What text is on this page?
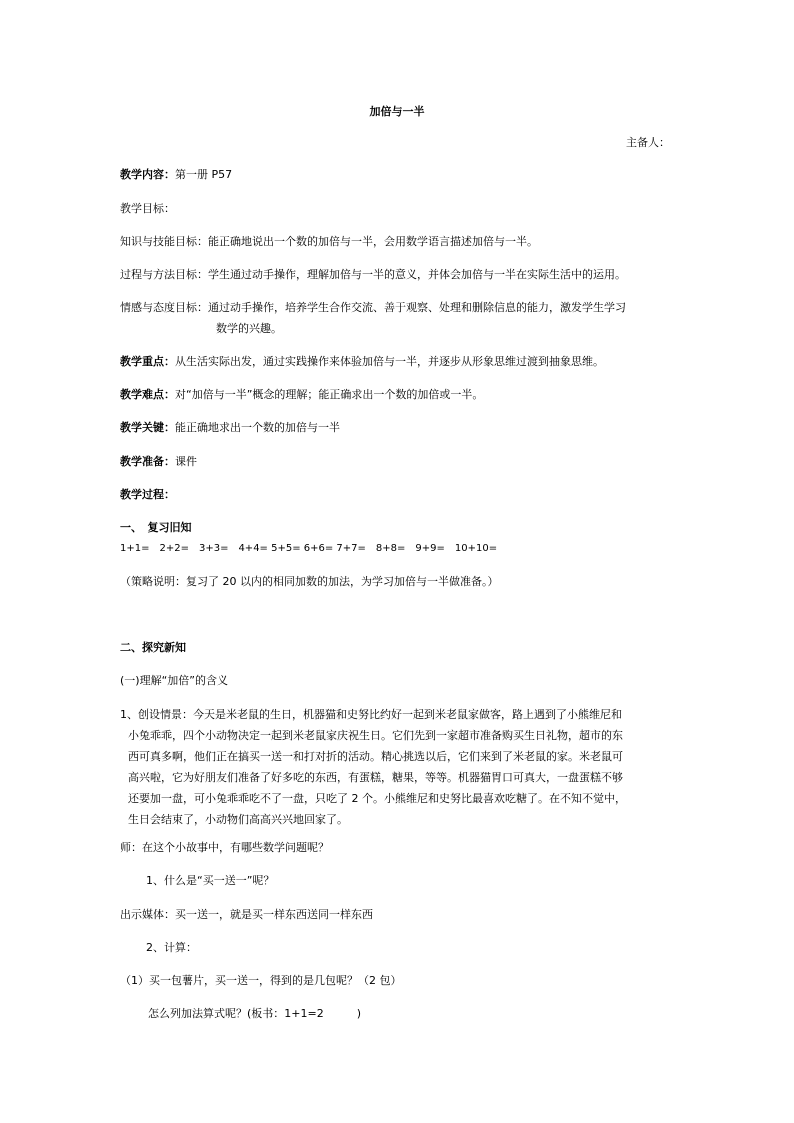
加倍与一半
主备人：
教学内容：第一册 P57
教学目标：
知识与技能目标：能正确地说出一个数的加倍与一半，会用数学语言描述加倍与一半。
过程与方法目标：学生通过动手操作，理解加倍与一半的意义，并体会加倍与一半在实际生活中的运用。
情感与态度目标：通过动手操作，培养学生合作交流、善于观察、处理和删除信息的能力，激发学生学习
数学的兴趣。
教学重点：从生活实际出发，通过实践操作来体验加倍与一半，并逐步从形象思维过渡到抽象思维。
教学难点：对“加倍与一半”概念的理解；能正确求出一个数的加倍或一半。
教学关键：能正确地求出一个数的加倍与一半
教学准备：课件
教学过程：
一、　复习旧知
1+1=　2+2=　3+3=　4+4= 5+5= 6+6= 7+7=　8+8=　9+9=　10+10=
（策略说明：复习了 20 以内的相同加数的加法，为学习加倍与一半做准备。）
二、探究新知
(一)理解“加倍”的含义
1、创设情景：今天是米老鼠的生日，机器猫和史努比约好一起到米老鼠家做客，路上遇到了小熊维尼和
小兔乖乖，四个小动物决定一起到米老鼠家庆祝生日。它们先到一家超市准备购买生日礼物，超市的东
西可真多啊，他们正在搞买一送一和打对折的活动。精心挑选以后，它们来到了米老鼠的家。米老鼠可
高兴啦，它为好朋友们准备了好多吃的东西，有蛋糕，糖果，等等。机器猫胃口可真大，一盘蛋糕不够
还要加一盘，可小兔乖乖吃不了一盘，只吃了 2 个。小熊维尼和史努比最喜欢吃糖了。在不知不觉中，
生日会结束了，小动物们高高兴兴地回家了。
师：在这个小故事中，有哪些数学问题呢？
1、什么是“买一送一”呢？
出示媒体：买一送一，就是买一样东西送同一样东西
2、计算：
（1）买一包薯片，买一送一，得到的是几包呢？（2 包）
怎么列加法算式呢？(板书：1+1=2　　　)
